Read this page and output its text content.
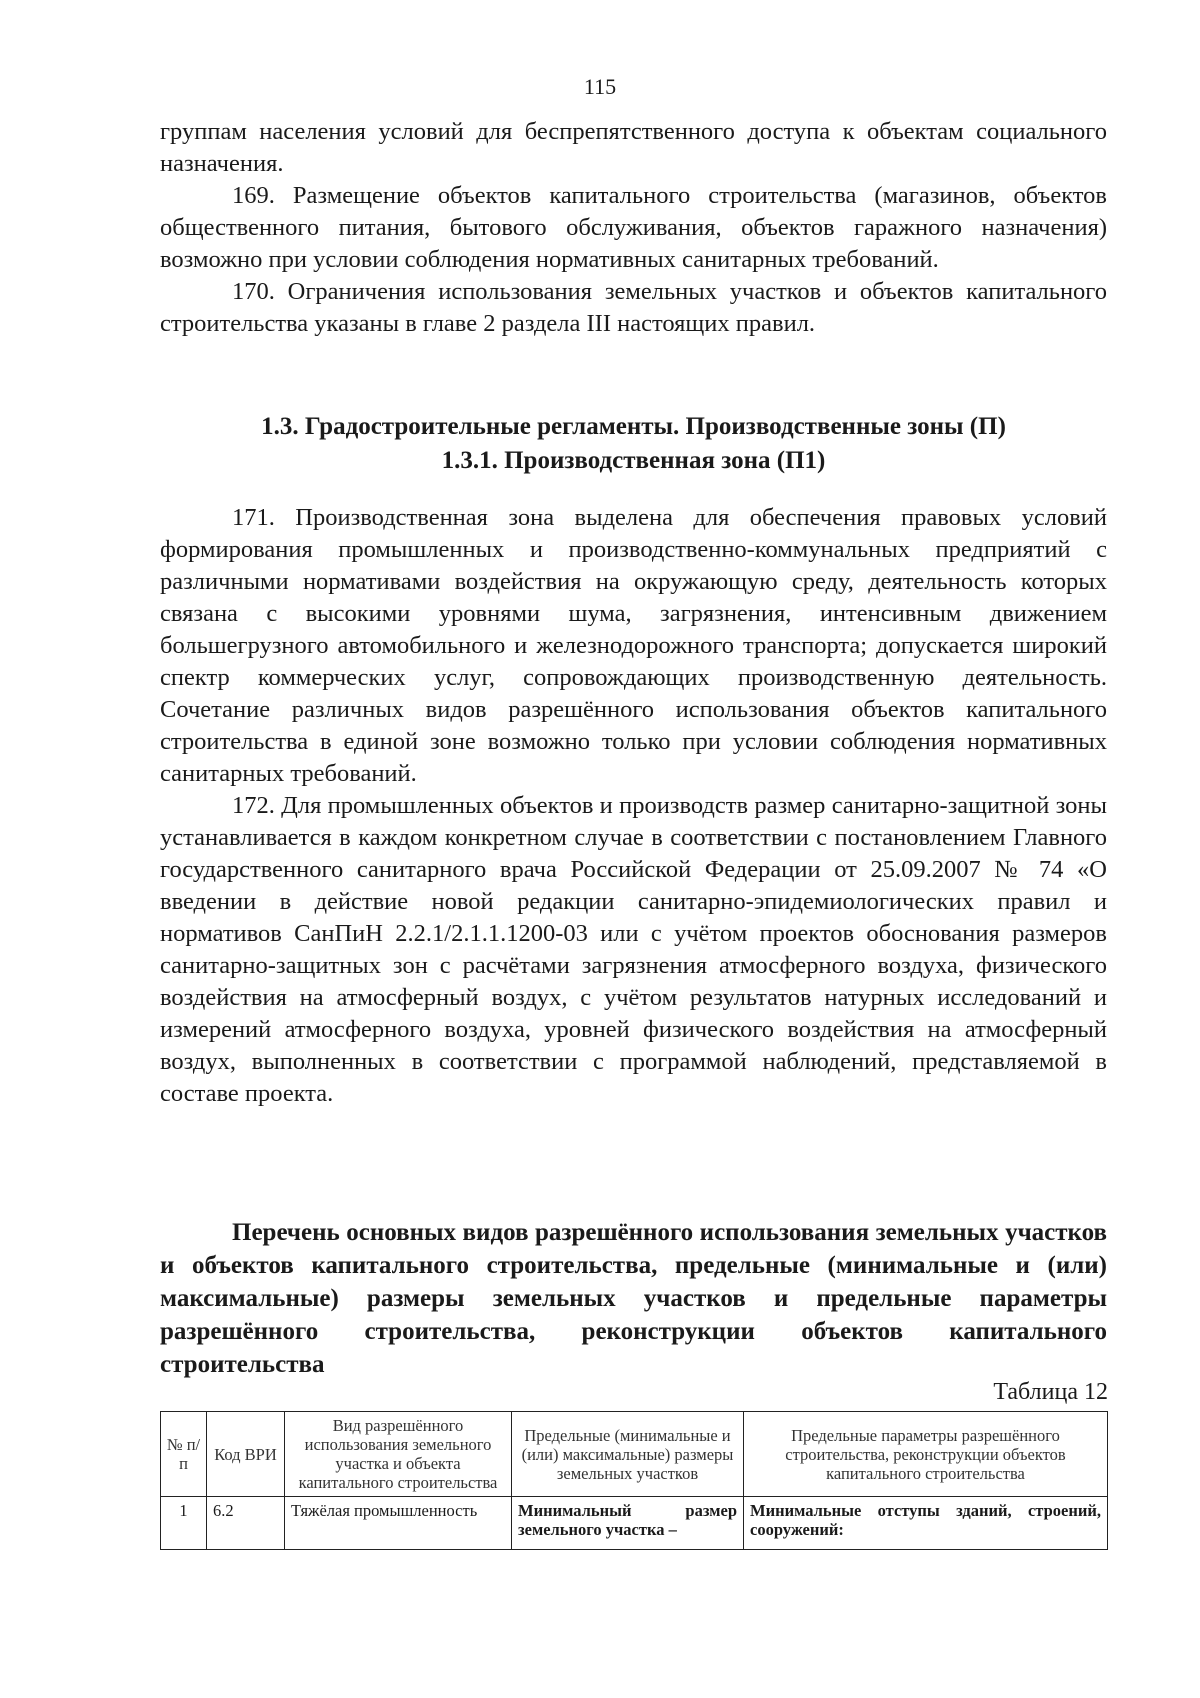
115

группам населения условий для беспрепятственного доступа к объектам социального назначения.

169. Размещение объектов капитального строительства (магазинов, объектов общественного питания, бытового обслуживания, объектов гаражного назначения) возможно при условии соблюдения нормативных санитарных требований.

170. Ограничения использования земельных участков и объектов капитального строительства указаны в главе 2 раздела III настоящих правил.

1.3. Градостроительные регламенты. Производственные зоны (П)
1.3.1. Производственная зона (П1)

171. Производственная зона выделена для обеспечения правовых условий формирования промышленных и производственно-коммунальных предприятий с различными нормативами воздействия на окружающую среду, деятельность которых связана с высокими уровнями шума, загрязнения, интенсивным движением большегрузного автомобильного и железнодорожного транспорта; допускается широкий спектр коммерческих услуг, сопровождающих производственную деятельность. Сочетание различных видов разрешённого использования объектов капитального строительства в единой зоне возможно только при условии соблюдения нормативных санитарных требований.

172. Для промышленных объектов и производств размер санитарно-защитной зоны устанавливается в каждом конкретном случае в соответствии с постановлением Главного государственного санитарного врача Российской Федерации от 25.09.2007 № 74 «О введении в действие новой редакции санитарно-эпидемиологических правил и нормативов СанПиН 2.2.1/2.1.1.1200-03 или с учётом проектов обоснования размеров санитарно-защитных зон с расчётами загрязнения атмосферного воздуха, физического воздействия на атмосферный воздух, с учётом результатов натурных исследований и измерений атмосферного воздуха, уровней физического воздействия на атмосферный воздух, выполненных в соответствии с программой наблюдений, представляемой в составе проекта.

Перечень основных видов разрешённого использования земельных участков и объектов капитального строительства, предельные (минимальные и (или) максимальные) размеры земельных участков и предельные параметры разрешённого строительства, реконструкции объектов капитального строительства
Таблица 12
№ п/п	Код ВРИ	Вид разрешённого использования земельного участка и объекта капитального строительства	Предельные (минимальные и (или) максимальные) размеры земельных участков	Предельные параметры разрешённого строительства, реконструкции объектов капитального строительства
1	6.2	Тяжёлая промышленность	Минимальный размер земельного участка –	Минимальные отступы зданий, строений, сооружений:
